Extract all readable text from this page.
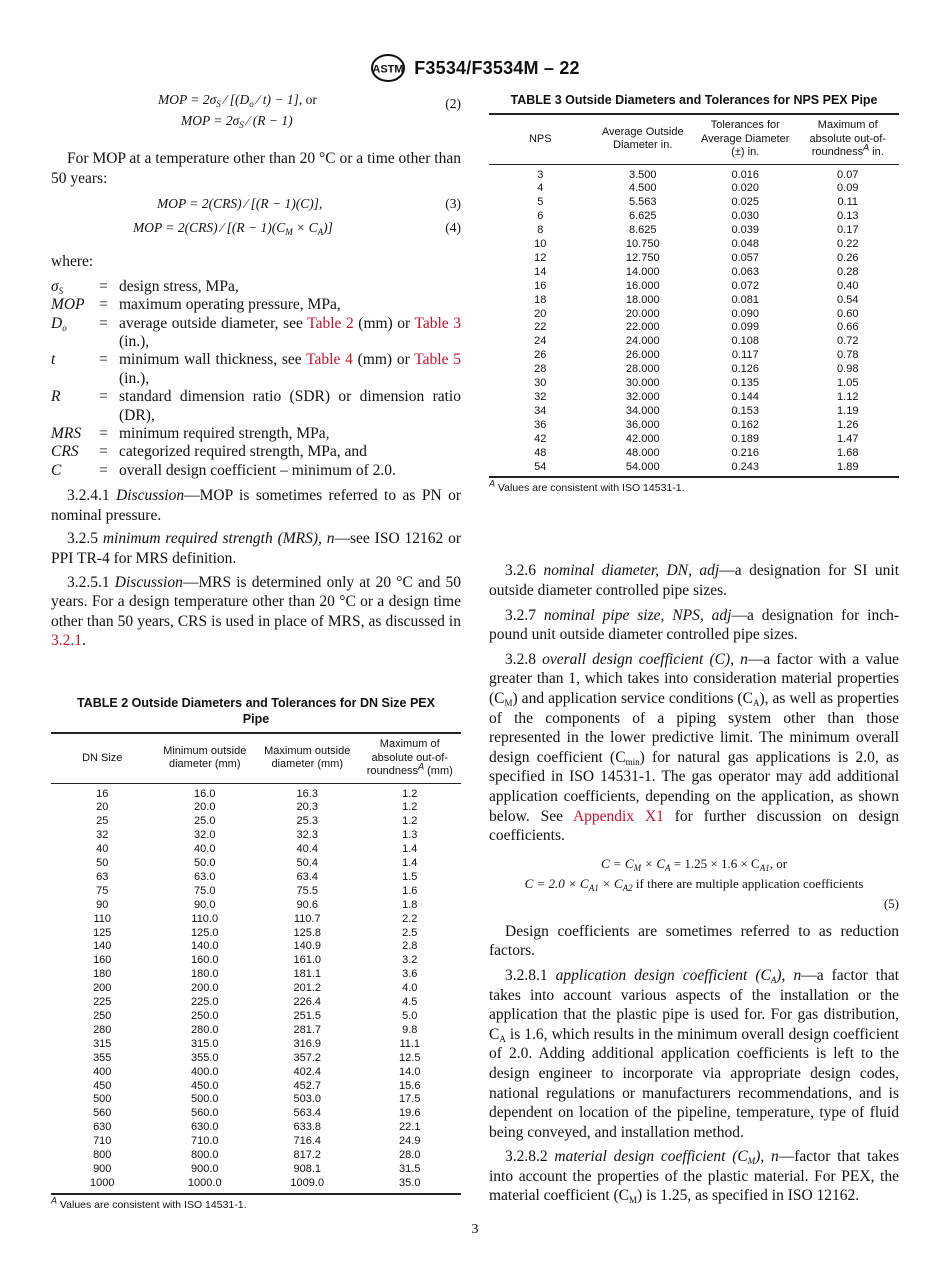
ASTM F3534/F3534M – 22
MOP = $2\sigma_S$ ⁄ [($D_o$ ⁄ t) − 1], or	(2)
MOP = $2\sigma_S$ ⁄ (R − 1)

For MOP at a temperature other than 20 °C or a time other than 50 years:

MOP = 2(CRS) ⁄ [(R − 1)(C)],	(3)
MOP = 2(CRS) ⁄ $[(R - 1)(C_M \times C_A)]$	(4)

where:

$\sigma_S$	= design stress, MPa,
MOP = maximum operating pressure, MPa,
$D_o$	= average outside diameter, see Table 2 (mm) or Table 3 (in.),
t	= minimum wall thickness, see Table 4 (mm) or Table 5 (in.),
R	= standard dimension ratio (SDR) or dimension ratio (DR),
MRS	= minimum required strength, MPa,
CRS	= categorized required strength, MPa, and
C	= overall design coefficient – minimum of 2.0.

3.2.4.1 Discussion—MOP is sometimes referred to as PN or nominal pressure.

3.2.5 minimum required strength (MRS), n—see ISO 12162 or PPI TR-4 for MRS definition.

3.2.5.1 Discussion—MRS is determined only at 20 °C and 50 years. For a design temperature other than 20 °C or a design time other than 50 years, CRS is used in place of MRS, as discussed in 3.2.1.

TABLE 2 Outside Diameters and Tolerances for DN Size PEX Pipe
DN Size	Minimum outside diameter (mm)	Maximum outside diameter (mm)	Maximum of absolute out-of-roundness$^A$ (mm)
16	16.0	16.3	1.2
20	20.0	20.3	1.2
25	25.0	25.3	1.2
32	32.0	32.3	1.3
40	40.0	40.4	1.4
50	50.0	50.4	1.4
63	63.0	63.4	1.5
75	75.0	75.5	1.6
90	90.0	90.6	1.8
110	110.0	110.7	2.2
125	125.0	125.8	2.5
140	140.0	140.9	2.8
160	160.0	161.0	3.2
180	180.0	181.1	3.6
200	200.0	201.2	4.0
225	225.0	226.4	4.5
250	250.0	251.5	5.0
280	280.0	281.7	9.8
315	315.0	316.9	11.1
355	355.0	357.2	12.5
400	400.0	402.4	14.0
450	450.0	452.7	15.6
500	500.0	503.0	17.5
560	560.0	563.4	19.6
630	630.0	633.8	22.1
710	710.0	716.4	24.9
800	800.0	817.2	28.0
900	900.0	908.1	31.5
1000	1000.0	1009.0	35.0
$^A$ Values are consistent with ISO 14531-1.
TABLE 3 Outside Diameters and Tolerances for NPS PEX Pipe
NPS	Average Outside Diameter in.	Tolerances for Average Diameter (±) in.	Maximum of absolute out-of-roundness$^A$ in.
3	3.500	0.016	0.07
4	4.500	0.020	0.09
5	5.563	0.025	0.11
6	6.625	0.030	0.13
8	8.625	0.039	0.17
10	10.750	0.048	0.22
12	12.750	0.057	0.26
14	14.000	0.063	0.28
16	16.000	0.072	0.40
18	18.000	0.081	0.54
20	20.000	0.090	0.60
22	22.000	0.099	0.66
24	24.000	0.108	0.72
26	26.000	0.117	0.78
28	28.000	0.126	0.98
30	30.000	0.135	1.05
32	32.000	0.144	1.12
34	34.000	0.153	1.19
36	36.000	0.162	1.26
42	42.000	0.189	1.47
48	48.000	0.216	1.68
54	54.000	0.243	1.89
$^A$ Values are consistent with ISO 14531-1.

3.2.6 nominal diameter, DN, adj—a designation for SI unit outside diameter controlled pipe sizes.

3.2.7 nominal pipe size, NPS, adj—a designation for inch-pound unit outside diameter controlled pipe sizes.

3.2.8 overall design coefficient (C), n—a factor with a value greater than 1, which takes into consideration material properties $(C_M)$ and application service conditions $(C_A)$, as well as properties of the components of a piping system other than those represented in the lower predictive limit. The minimum overall design coefficient $(C_{min})$ for natural gas applications is 2.0, as specified in ISO 14531-1. The gas operator may add additional application coefficients, depending on the application, as shown below. See Appendix X1 for further discussion on design coefficients.

$C = C_M \times C_A = 1.25 \times 1.6 \times C_{A1}$, or
$C = 2.0 \times C_{A1} \times C_{A2}$ if there are multiple application coefficients
(5)

Design coefficients are sometimes referred to as reduction factors.

3.2.8.1 application design coefficient $(C_A)$, n—a factor that takes into account various aspects of the installation or the application that the plastic pipe is used for. For gas distribution, $C_A$ is 1.6, which results in the minimum overall design coefficient of 2.0. Adding additional application coefficients is left to the design engineer to incorporate via appropriate design codes, national regulations or manufacturers recommendations, and is dependent on location of the pipeline, temperature, type of fluid being conveyed, and installation method.

3.2.8.2 material design coefficient $(C_M)$, n—factor that takes into account the properties of the plastic material. For PEX, the material coefficient $(C_M)$ is 1.25, as specified in ISO 12162.

3
